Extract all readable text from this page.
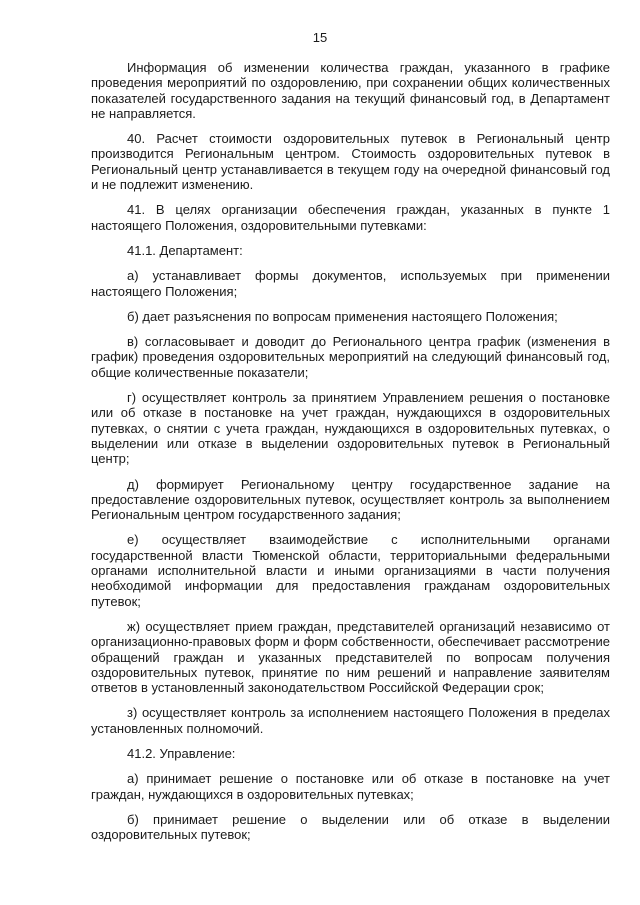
15

Информация об изменении количества граждан, указанного в графике проведения мероприятий по оздоровлению, при сохранении общих количественных показателей государственного задания на текущий финансовый год, в Департамент не направляется.

40. Расчет стоимости оздоровительных путевок в Региональный центр производится Региональным центром. Стоимость оздоровительных путевок в Региональный центр устанавливается в текущем году на очередной финансовый год и не подлежит изменению.

41. В целях организации обеспечения граждан, указанных в пункте 1 настоящего Положения, оздоровительными путевками:

41.1. Департамент:

а) устанавливает формы документов, используемых при применении настоящего Положения;

б) дает разъяснения по вопросам применения настоящего Положения;

в) согласовывает и доводит до Регионального центра график (изменения в график) проведения оздоровительных мероприятий на следующий финансовый год, общие количественные показатели;

г) осуществляет контроль за принятием Управлением решения о постановке или об отказе в постановке на учет граждан, нуждающихся в оздоровительных путевках, о снятии с учета граждан, нуждающихся в оздоровительных путевках, о выделении или отказе в выделении оздоровительных путевок в Региональный центр;

д) формирует Региональному центру государственное задание на предоставление оздоровительных путевок, осуществляет контроль за выполнением Региональным центром государственного задания;

е) осуществляет взаимодействие с исполнительными органами государственной власти Тюменской области, территориальными федеральными органами исполнительной власти и иными организациями в части получения необходимой информации для предоставления гражданам оздоровительных путевок;

ж) осуществляет прием граждан, представителей организаций независимо от организационно-правовых форм и форм собственности, обеспечивает рассмотрение обращений граждан и указанных представителей по вопросам получения оздоровительных путевок, принятие по ним решений и направление заявителям ответов в установленный законодательством Российской Федерации срок;

з) осуществляет контроль за исполнением настоящего Положения в пределах установленных полномочий.

41.2. Управление:

а) принимает решение о постановке или об отказе в постановке на учет граждан, нуждающихся в оздоровительных путевках;

б) принимает решение о выделении или об отказе в выделении оздоровительных путевок;
